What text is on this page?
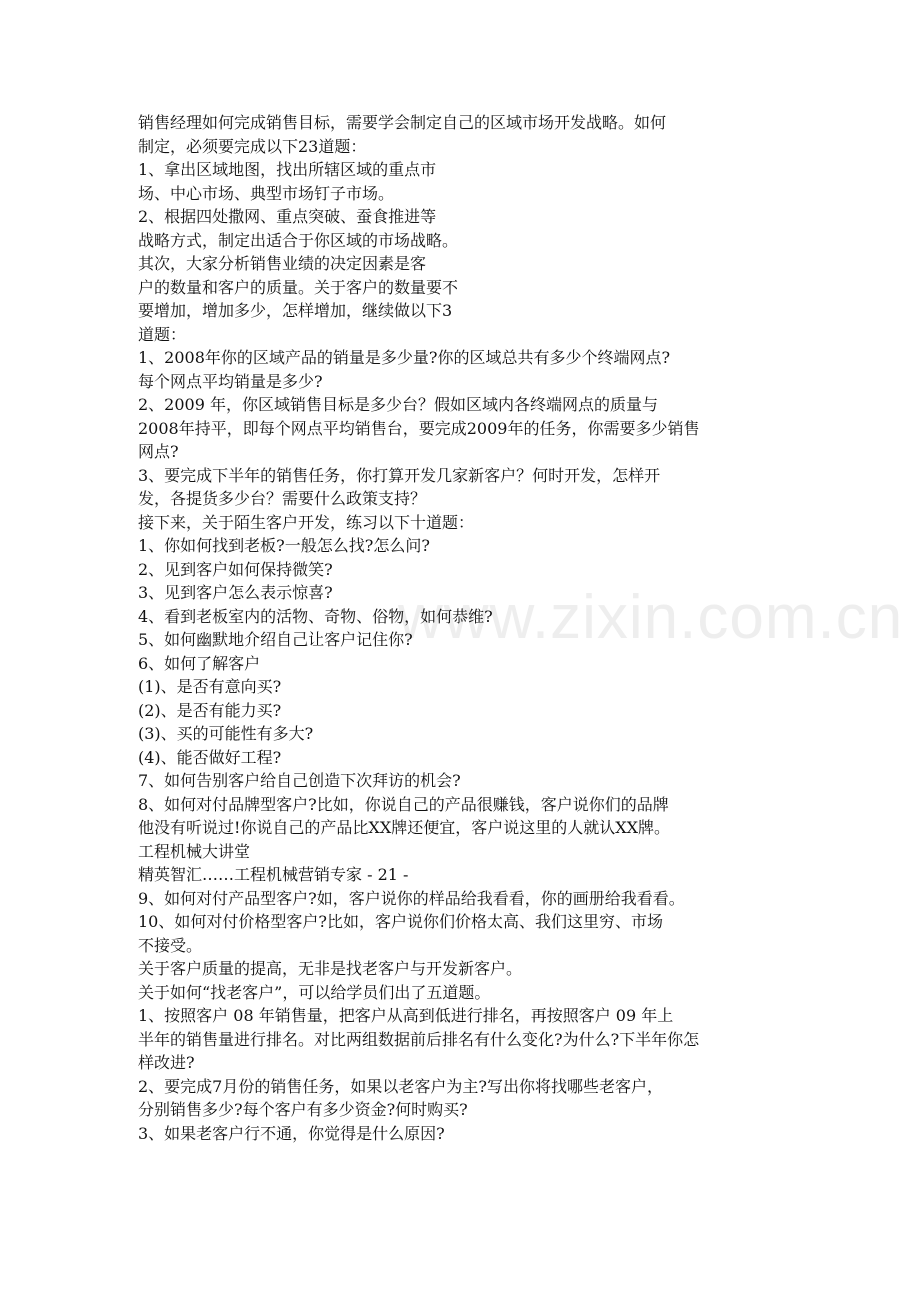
www.zixin.com.cn
销售经理如何完成销售目标，需要学会制定自己的区域市场开发战略。如何
制定，必须要完成以下23道题：
1、拿出区域地图，找出所辖区域的重点市
场、中心市场、典型市场钉子市场。
2、根据四处撒网、重点突破、蚕食推进等
战略方式，制定出适合于你区域的市场战略。
其次，大家分析销售业绩的决定因素是客
户的数量和客户的质量。关于客户的数量要不
要增加，增加多少，怎样增加，继续做以下3
道题：
1、2008年你的区域产品的销量是多少量?你的区域总共有多少个终端网点?
每个网点平均销量是多少?
2、2009 年，你区域销售目标是多少台？假如区域内各终端网点的质量与
2008年持平，即每个网点平均销售台，要完成2009年的任务，你需要多少销售
网点?
3、要完成下半年的销售任务，你打算开发几家新客户？何时开发，怎样开
发，各提货多少台？需要什么政策支持？
接下来，关于陌生客户开发，练习以下十道题：
1、你如何找到老板?一般怎么找?怎么问?
2、见到客户如何保持微笑?
3、见到客户怎么表示惊喜?
4、看到老板室内的活物、奇物、俗物，如何恭维?
5、如何幽默地介绍自己让客户记住你?
6、如何了解客户
(1)、是否有意向买?
(2)、是否有能力买?
(3)、买的可能性有多大?
(4)、能否做好工程?
7、如何告别客户给自己创造下次拜访的机会?
8、如何对付品牌型客户?比如，你说自己的产品很赚钱，客户说你们的品牌
他没有听说过!你说自己的产品比XX牌还便宜，客户说这里的人就认XX牌。
工程机械大讲堂
精英智汇……工程机械营销专家 - 21 -
9、如何对付产品型客户?如，客户说你的样品给我看看，你的画册给我看看。
10、如何对付价格型客户?比如，客户说你们价格太高、我们这里穷、市场
不接受。
关于客户质量的提高，无非是找老客户与开发新客户。
关于如何“找老客户”，可以给学员们出了五道题。
1、按照客户 08 年销售量，把客户从高到低进行排名，再按照客户 09 年上
半年的销售量进行排名。对比两组数据前后排名有什么变化?为什么?下半年你怎
样改进?
2、要完成7月份的销售任务，如果以老客户为主?写出你将找哪些老客户，
分别销售多少?每个客户有多少资金?何时购买?
3、如果老客户行不通，你觉得是什么原因?
